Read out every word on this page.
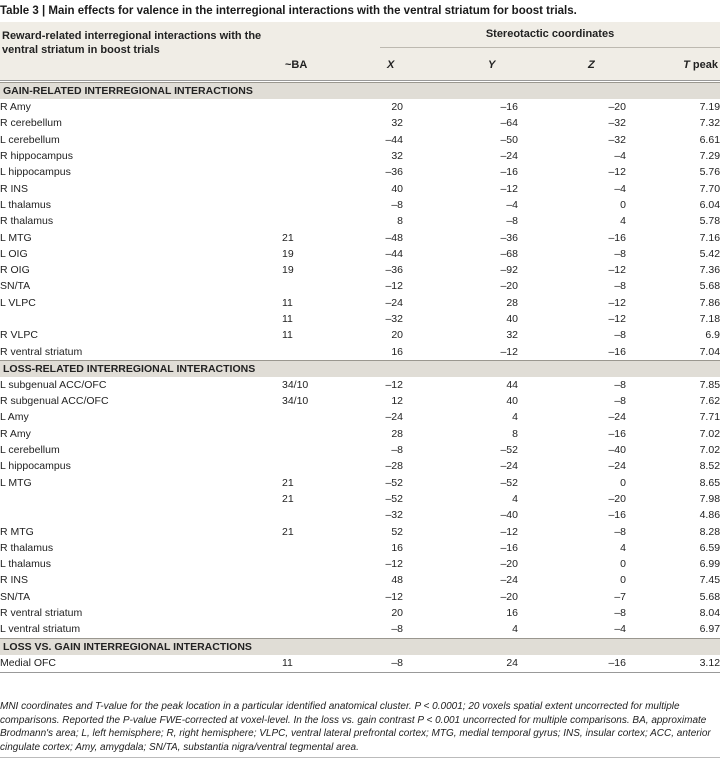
Table 3 | Main effects for valence in the interregional interactions with the ventral striatum for boost trials.
Reward-related interregional interactions with the ventral striatum in boost trials
Stereotactic coordinates
~BA	X	Y	Z	T peak
GAIN-RELATED INTERREGIONAL INTERACTIONS					
R Amy		20	–16	–20	7.19
R cerebellum		32	–64	–32	7.32
L cerebellum		–44	–50	–32	6.61
R hippocampus		32	–24	–4	7.29
L hippocampus		–36	–16	–12	5.76
R INS		40	–12	–4	7.70
L thalamus		–8	–4	0	6.04
R thalamus		8	–8	4	5.78
L MTG	21	–48	–36	–16	7.16
L OIG	19	–44	–68	–8	5.42
R OIG	19	–36	–92	–12	7.36
SN/TA		–12	–20	–8	5.68
L VLPC	11	–24	28	–12	7.86
	11	–32	40	–12	7.18
R VLPC	11	20	32	–8	6.9
R ventral striatum		16	–12	–16	7.04
LOSS-RELATED INTERREGIONAL INTERACTIONS					
L subgenual ACC/OFC	34/10	–12	44	–8	7.85
R subgenual ACC/OFC	34/10	12	40	–8	7.62
L Amy		–24	4	–24	7.71
R Amy		28	8	–16	7.02
L cerebellum		–8	–52	–40	7.02
L hippocampus		–28	–24	–24	8.52
L MTG	21	–52	–52	0	8.65
	21	–52	4	–20	7.98
		–32	–40	–16	4.86
R MTG	21	52	–12	–8	8.28
R thalamus		16	–16	4	6.59
L thalamus		–12	–20	0	6.99
R INS		48	–24	0	7.45
SN/TA		–12	–20	–7	5.68
R ventral striatum		20	16	–8	8.04
L ventral striatum		–8	4	–4	6.97
LOSS VS. GAIN INTERREGIONAL INTERACTIONS					
Medial OFC	11	–8	24	–16	3.12
MNI coordinates and T-value for the peak location in a particular identified anatomical cluster. P < 0.0001; 20 voxels spatial extent uncorrected for multiple comparisons. Reported the P-value FWE-corrected at voxel-level. In the loss vs. gain contrast P < 0.001 uncorrected for multiple comparisons. BA, approximate Brodmann's area; L, left hemisphere; R, right hemisphere; VLPC, ventral lateral prefrontal cortex; MTG, medial temporal gyrus; INS, insular cortex; ACC, anterior cingulate cortex; Amy, amygdala; SN/TA, substantia nigra/ventral tegmental area.
